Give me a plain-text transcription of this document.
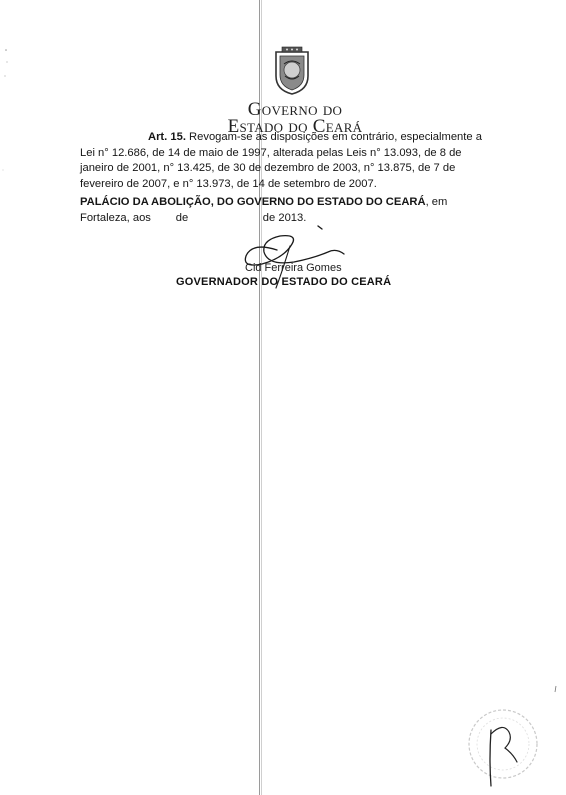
Governo do
Estado do Ceará
Art. 15. Revogam-se as disposições em contrário, especialmente a
Lei n° 12.686, de 14 de maio de 1997, alterada pelas Leis n° 13.093, de 8 de
janeiro de 2001, n° 13.425, de 30 de dezembro de 2003, n° 13.875, de 7 de
fevereiro de 2007, e n° 13.973, de 14 de setembro de 2007.
PALÁCIO DA ABOLIÇÃO, DO GOVERNO DO ESTADO DO CEARÁ, em
Fortaleza, aos        de                        de 2013.
Cid Ferreira Gomes
GOVERNADOR DO ESTADO DO CEARÁ
